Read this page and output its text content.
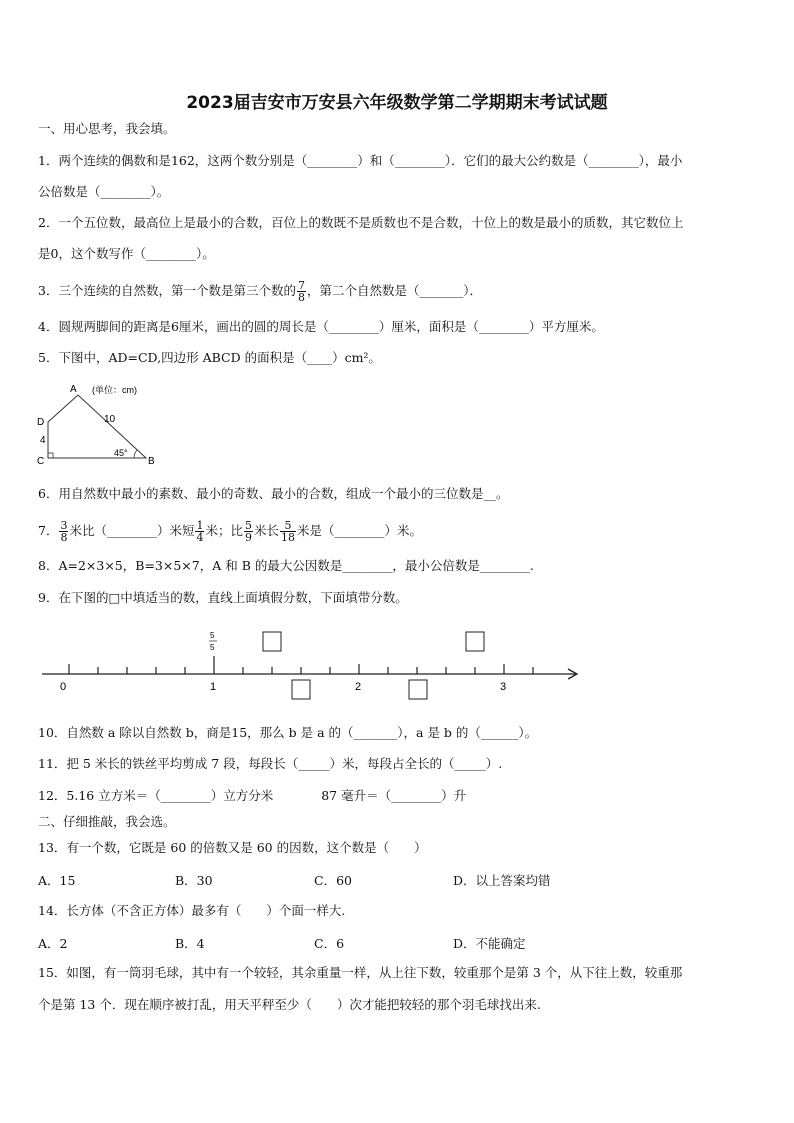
2023届吉安市万安县六年级数学第二学期期末考试试题
一、用心思考，我会填。
1．两个连续的偶数和是162，这两个数分别是（________）和（________）．它们的最大公约数是（________），最小
公倍数是（________）。
2．一个五位数，最高位上是最小的合数，百位上的数既不是质数也不是合数，十位上的数是最小的质数，其它数位上
是0，这个数写作（________）。
3．三个连续的自然数，第一个数是第三个数的 $\frac{7}{8}$ ，第二个自然数是（_______）．
4．圆规两脚间的距离是6厘米，画出的圆的周长是（________）厘米，面积是（________）平方厘米。
5．下图中，AD=CD,四边形 ABCD 的面积是（____）cm²。
A
B
C
D
(单位：cm)
10
4
45°
6．用自然数中最小的素数、最小的奇数、最小的合数，组成一个最小的三位数是__。
7． $\frac{3}{8}$ 米比（________）米短 $\frac{1}{4}$ 米；比 $\frac{5}{9}$ 米长 $\frac{5}{18}$ 米是（________）米。
8．A=2×3×5，B=3×5×7，A 和 B 的最大公因数是________，最小公倍数是________.
9．在下图的□中填适当的数，直线上面填假分数，下面填带分数。
5
5
0	1	2	3
10．自然数 a 除以自然数 b，商是15，那么 b 是 a 的（_______），a 是 b 的（______）。
11．把 5 米长的铁丝平均剪成 7 段，每段长（_____）米，每段占全长的（_____）.
12．5.16 立方米＝（________）立方分米	87 毫升＝（________）升
二、仔细推敲，我会选。
13．有一个数，它既是 60 的倍数又是 60 的因数，这个数是（　　）
A．15	B．30	C．60	D．以上答案均错
14．长方体（不含正方体）最多有（　　）个面一样大.
A．2	B．4	C．6	D．不能确定
15．如图，有一筒羽毛球，其中有一个较轻，其余重量一样，从上往下数，较重那个是第 3 个，从下往上数，较重那
个是第 13 个．现在顺序被打乱，用天平秤至少（　　）次才能把较轻的那个羽毛球找出来.
